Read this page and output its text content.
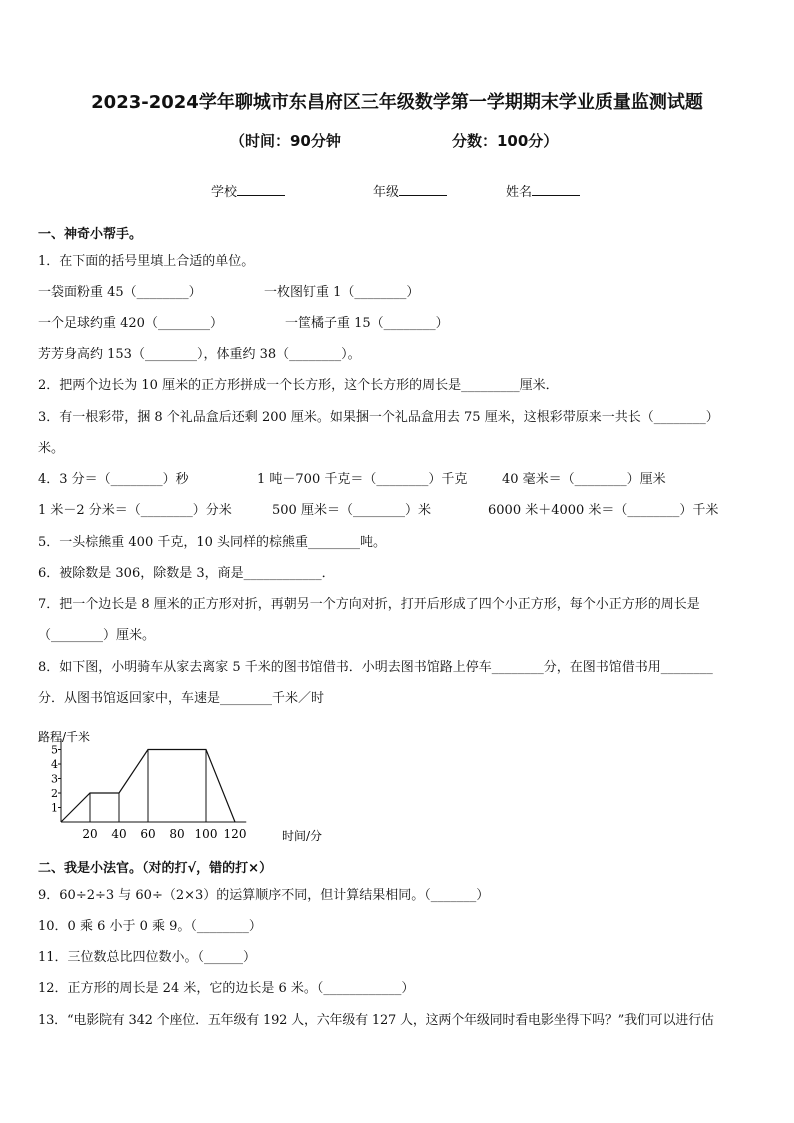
2023-2024学年聊城市东昌府区三年级数学第一学期期末学业质量监测试题
（时间：90分钟	分数：100分）
学校	年级	姓名
一、神奇小帮手。
1．在下面的括号里填上合适的单位。
一袋面粉重 45（________）	一枚图钉重 1（________）
一个足球约重 420（________）	一筐橘子重 15（________）
芳芳身高约 153（________），体重约 38（________）。
2．把两个边长为 10 厘米的正方形拼成一个长方形，这个长方形的周长是_________厘米．
3．有一根彩带，捆 8 个礼品盒后还剩 200 厘米。如果捆一个礼品盒用去 75 厘米，这根彩带原来一共长（________）
米。
4．3 分＝（________）秒	1 吨－700 千克＝（________）千克	40 毫米＝（________）厘米
1 米－2 分米＝（________）分米	500 厘米＝（________）米	6000 米＋4000 米＝（________）千米
5．一头棕熊重 400 千克，10 头同样的棕熊重________吨。
6．被除数是 306，除数是 3，商是____________．
7．把一个边长是 8 厘米的正方形对折，再朝另一个方向对折，打开后形成了四个小正方形，每个小正方形的周长是
（________）厘米。
8．如下图，小明骑车从家去离家 5 千米的图书馆借书．小明去图书馆路上停车________分，在图书馆借书用________
分．从图书馆返回家中，车速是________千米／时
路程/千米
1
2
3
4
5
20 40 60 80 100 120	时间/分
二、我是小法官。（对的打√，错的打×）
9．60÷2÷3 与 60÷（2×3）的运算顺序不同，但计算结果相同。（_______）
10．0 乘 6 小于 0 乘 9。（________）
11．三位数总比四位数小。（______）
12．正方形的周长是 24 米，它的边长是 6 米。（____________）
13．“电影院有 342 个座位．五年级有 192 人，六年级有 127 人，这两个年级同时看电影坐得下吗？”我们可以进行估
